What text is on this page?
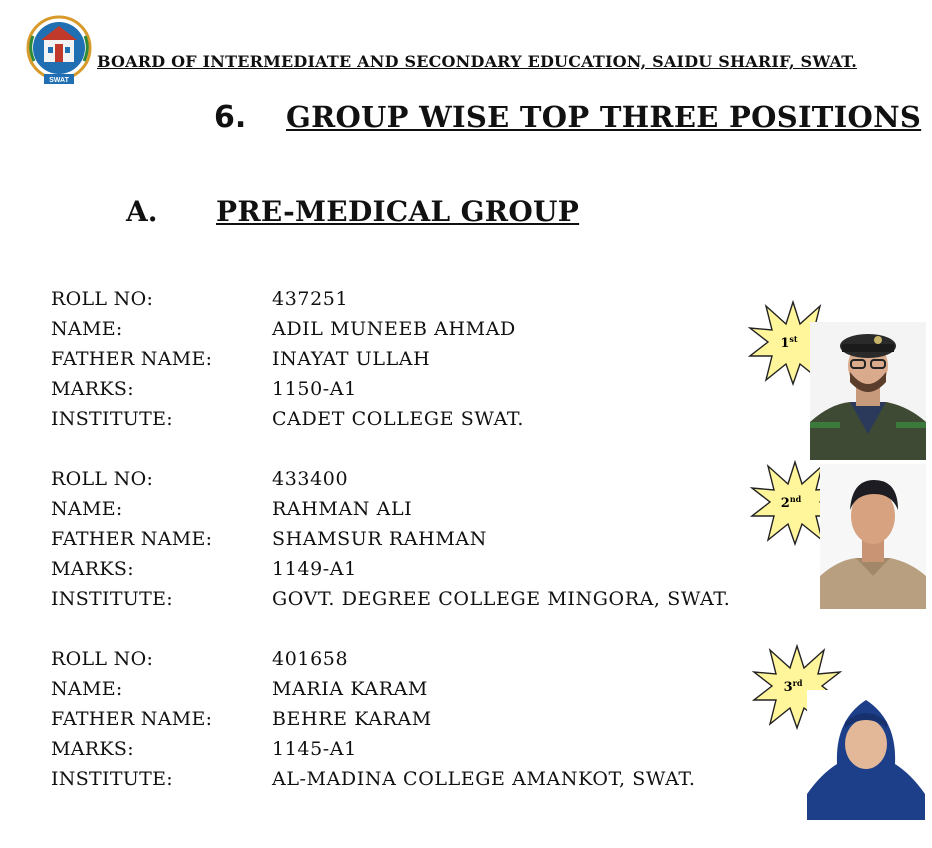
SWAT
BOARD OF INTERMEDIATE AND SECONDARY EDUCATION, SAIDU SHARIF, SWAT.
6. GROUP WISE TOP THREE POSITIONS
A. PRE-MEDICAL GROUP
ROLL NO:	437251
NAME:	ADIL MUNEEB AHMAD
FATHER NAME:	INAYAT ULLAH
MARKS:	1150-A1
INSTITUTE:	CADET COLLEGE SWAT.
ROLL NO:	433400
NAME:	RAHMAN ALI
FATHER NAME:	SHAMSUR RAHMAN
MARKS:	1149-A1
INSTITUTE:	GOVT. DEGREE COLLEGE MINGORA, SWAT.
ROLL NO:	401658
NAME:	MARIA KARAM
FATHER NAME:	BEHRE KARAM
MARKS:	1145-A1
INSTITUTE:	AL-MADINA COLLEGE AMANKOT, SWAT.
1st
2nd
3rd
